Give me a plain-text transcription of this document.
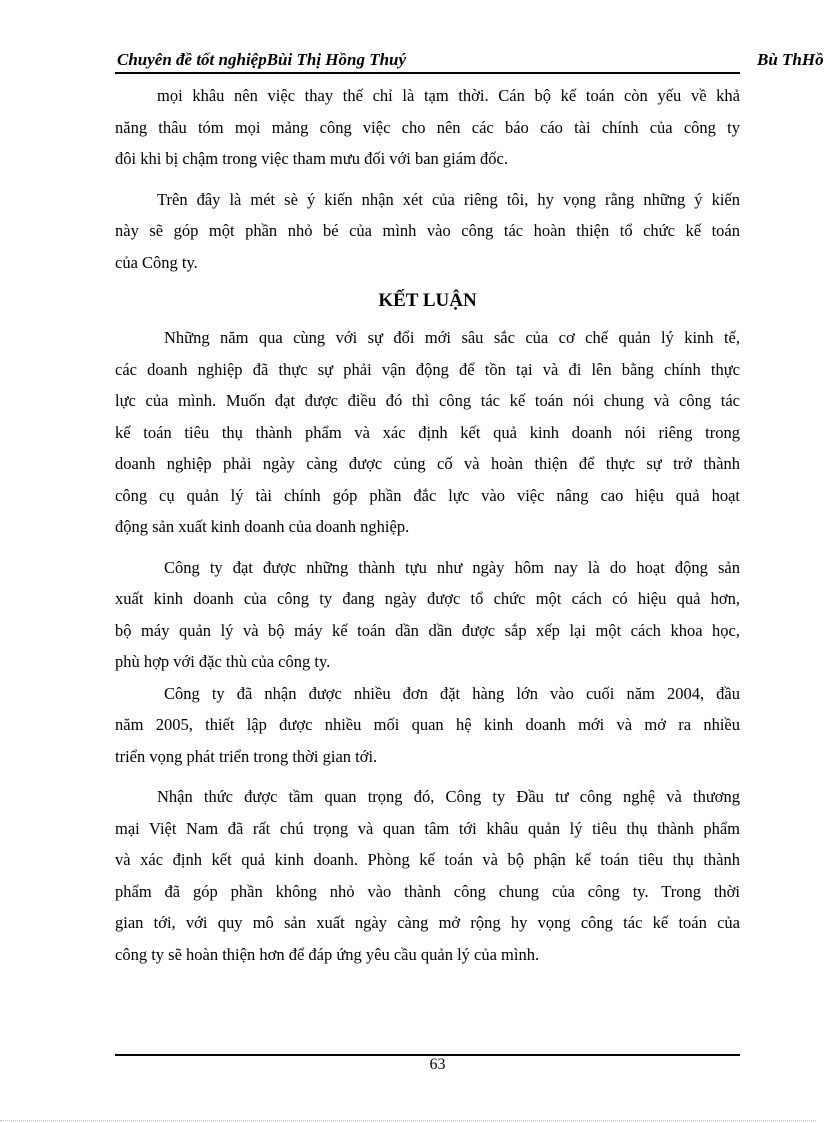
Chuyên đề tốt nghiệpBùi Thị Hồng Thuý	Bù ThHồ
mọi khâu nên việc thay thế chỉ là tạm thời. Cán bộ kế toán còn yếu về khả
năng thâu tóm mọi mảng công việc cho nên các báo cáo tài chính của công ty
đôi khi bị chậm trong việc tham mưu đối với ban giám đốc.
Trên đây là mét sè ý kiến nhận xét của riêng tôi, hy vọng rằng những ý kiến
này sẽ góp một phần nhỏ bé của mình vào công tác hoàn thiện tổ chức kế toán
của Công ty.
KẾT LUẬN
Những năm qua cùng với sự đổi mới sâu sắc của cơ chế quản lý kinh tế,
các doanh nghiệp đã thực sự phải vận động để tồn tại và đi lên bằng chính thực
lực của mình. Muốn đạt được điều đó thì công tác kế toán nói chung và công tác
kế toán tiêu thụ thành phẩm và xác định kết quả kinh doanh nói riêng trong
doanh nghiệp phải ngày càng được củng cố và hoàn thiện để thực sự trở thành
công cụ quản lý tài chính góp phần đắc lực vào việc nâng cao hiệu quả hoạt
động sản xuất kinh doanh của doanh nghiệp.
Công ty đạt được những thành tựu như ngày hôm nay là do hoạt động sản
xuất kinh doanh của công ty đang ngày được tổ chức một cách có hiệu quả hơn,
bộ máy quản lý và bộ máy kế toán dần dần được sắp xếp lại một cách khoa học,
phù hợp với đặc thù của công ty.
Công ty đã nhận được nhiều đơn đặt hàng lớn vào cuối năm 2004, đầu
năm 2005, thiết lập được nhiều mối quan hệ kinh doanh mới và mở ra nhiều
triển vọng phát triển trong thời gian tới.
Nhận thức được tầm quan trọng đó, Công ty Đầu tư công nghệ và thương
mại Việt Nam đã rất chú trọng và quan tâm tới khâu quản lý tiêu thụ thành phẩm
và xác định kết quả kinh doanh. Phòng kế toán và bộ phận kế toán tiêu thụ thành
phẩm đã góp phần không nhỏ vào thành công chung của công ty. Trong thời
gian tới, với quy mô sản xuất ngày càng mở rộng hy vọng công tác kế toán của
công ty sẽ hoàn thiện hơn để đáp ứng yêu cầu quản lý của mình.
63
